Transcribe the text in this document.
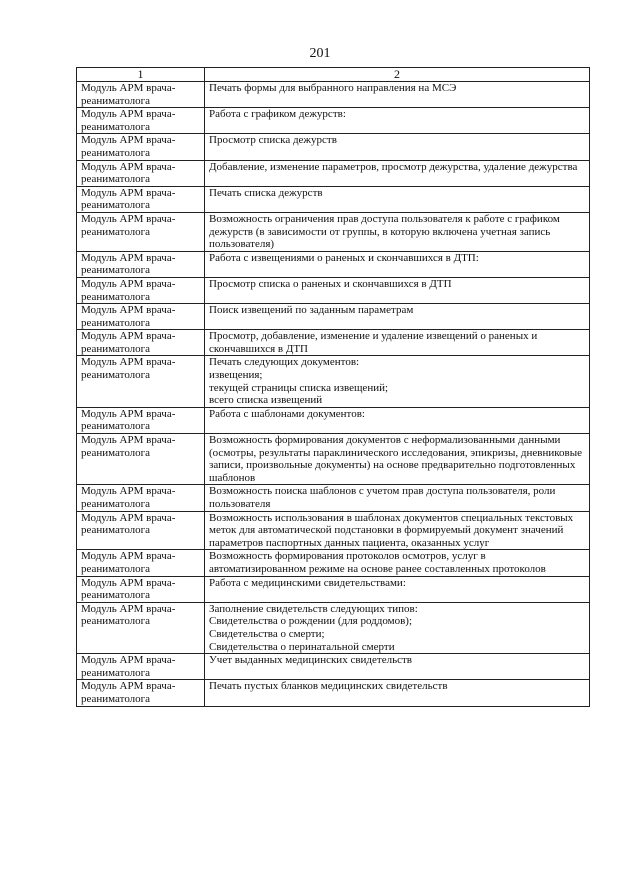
201
1	2
Модуль АРМ врача-реаниматолога	Печать формы для выбранного направления на МСЭ

Модуль АРМ врача-реаниматолога	Работа с графиком дежурств:

Модуль АРМ врача-реаниматолога	Просмотр списка дежурств

Модуль АРМ врача-реаниматолога	Добавление, изменение параметров, просмотр дежурства, удаление дежурства

Модуль АРМ врача-реаниматолога	Печать списка дежурств

Модуль АРМ врача-реаниматолога	Возможность ограничения прав доступа пользователя к работе с графиком дежурств (в зависимости от группы, в которую включена учетная запись пользователя)

Модуль АРМ врача-реаниматолога	Работа с извещениями о раненых и скончавшихся в ДТП:

Модуль АРМ врача-реаниматолога	Просмотр списка о раненых и скончавшихся в ДТП

Модуль АРМ врача-реаниматолога	Поиск извещений по заданным параметрам

Модуль АРМ врача-реаниматолога	Просмотр, добавление, изменение и удаление извещений о раненых и скончавшихся в ДТП

Модуль АРМ врача-реаниматолога	Печать следующих документов:
извещения;
текущей страницы списка извещений;
всего списка извещений

Модуль АРМ врача-реаниматолога	Работа с шаблонами документов:

Модуль АРМ врача-реаниматолога	Возможность формирования документов с неформализованными данными (осмотры, результаты параклинического исследования, эпикризы, дневниковые записи, произвольные документы) на основе предварительно подготовленных шаблонов

Модуль АРМ врача-реаниматолога	Возможность поиска шаблонов с учетом прав доступа пользователя, роли пользователя

Модуль АРМ врача-реаниматолога	Возможность использования в шаблонах документов специальных текстовых меток для автоматической подстановки в формируемый документ значений параметров паспортных данных пациента, оказанных услуг

Модуль АРМ врача-реаниматолога	Возможность формирования протоколов осмотров, услуг в автоматизированном режиме на основе ранее составленных протоколов

Модуль АРМ врача-реаниматолога	Работа с медицинскими свидетельствами:

Модуль АРМ врача-реаниматолога	Заполнение свидетельств следующих типов:
Свидетельства о рождении (для роддомов);
Свидетельства о смерти;
Свидетельства о перинатальной смерти

Модуль АРМ врача-реаниматолога	Учет выданных медицинских свидетельств

Модуль АРМ врача-реаниматолога	Печать пустых бланков медицинских свидетельств
